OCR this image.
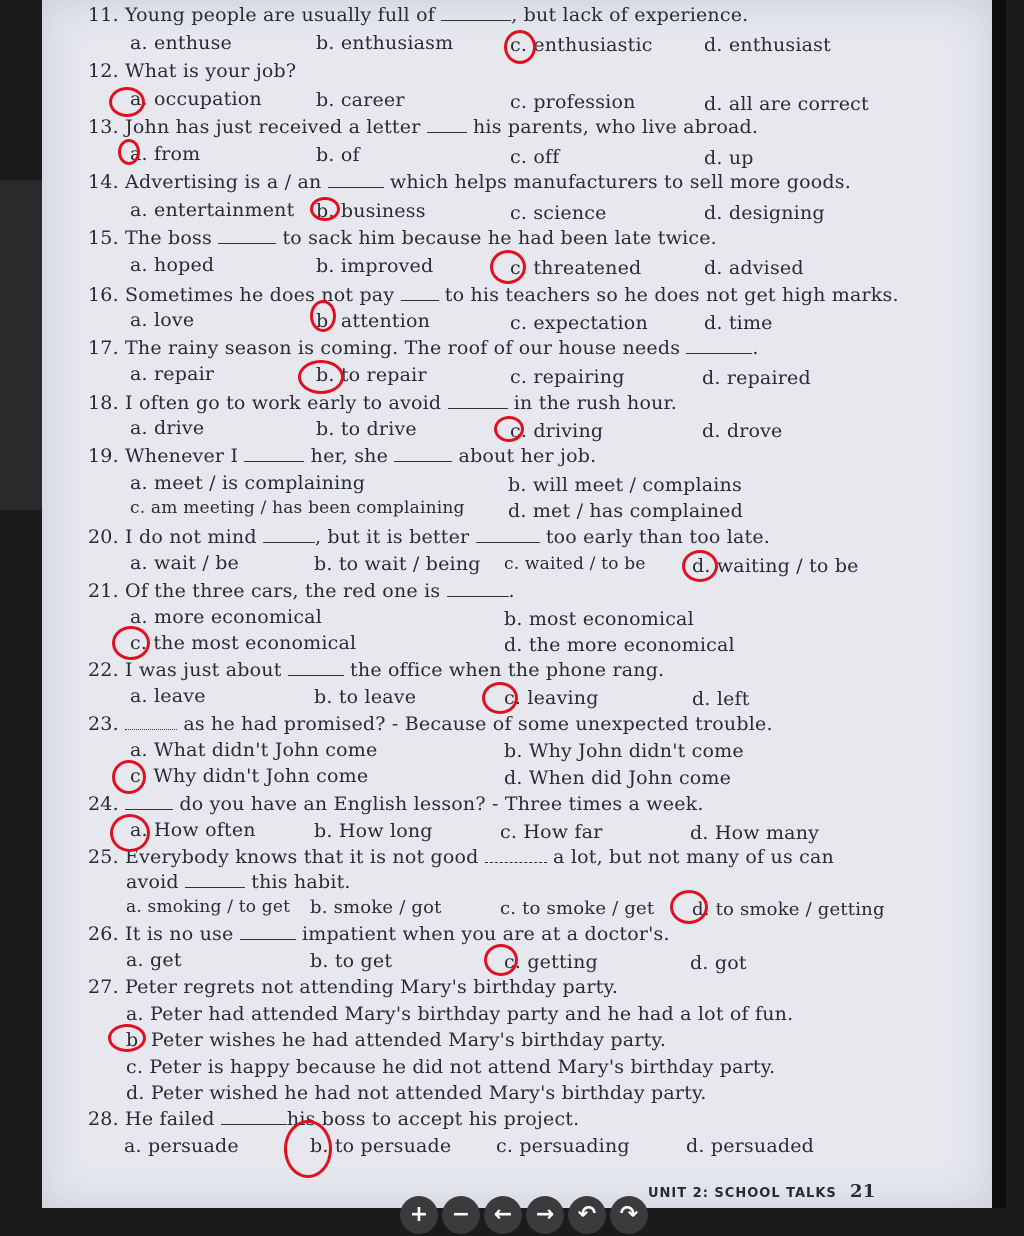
11. Young people are usually full of	, but lack of experience.
a. enthuse	b. enthusiasm	c. enthusiastic	d. enthusiast
12. What is your job?
a. occupation	b. career	c. profession	d. all are correct
13. John has just received a letter	his parents, who live abroad.
a. from	b. of	c. off	d. up
14. Advertising is a / an	which helps manufacturers to sell more goods.
a. entertainment b. business	c. science	d. designing
15. The boss	to sack him because he had been late twice.
a. hoped	b. improved	c. threatened	d. advised
16. Sometimes he does not pay	to his teachers so he does not get high marks.
a. love	b. attention	c. expectation	d. time
17. The rainy season is coming. The roof of our house needs	.
a. repair	b. to repair	c. repairing	d. repaired
18. I often go to work early to avoid	in the rush hour.
a. drive	b. to drive	c. driving	d. drove
19. Whenever I	her, she	about her job.
a. meet / is complaining	b. will meet / complains
c. am meeting / has been complaining d. met / has complained
20. I do not mind	, but it is better	too early than too late.
a. wait / be	b. to wait / being c. waited / to be d. waiting / to be
21. Of the three cars, the red one is	.
a. more economical	b. most economical
c. the most economical	d. the more economical
22. I was just about	the office when the phone rang.
a. leave	b. to leave	c. leaving	d. left
23.	as he had promised? - Because of some unexpected trouble.
a. What didn't John come	b. Why John didn't come
c. Why didn't John come	d. When did John come
24.	do you have an English lesson? - Three times a week.
a. How often	b. How long	c. How far	d. How many
25. Everybody knows that it is not good	a lot, but not many of us can
avoid	this habit.
a. smoking / to get b. smoke / got	c. to smoke / get d. to smoke / getting
26. It is no use	impatient when you are at a doctor's.
a. get	b. to get	c. getting	d. got
27. Peter regrets not attending Mary's birthday party.
a. Peter had attended Mary's birthday party and he had a lot of fun.
b. Peter wishes he had attended Mary's birthday party.
c. Peter is happy because he did not attend Mary's birthday party.
d. Peter wished he had not attended Mary's birthday party.
28. He failed	his boss to accept his project.
a. persuade	b. to persuade c. persuading	d. persuaded
UNIT 2: SCHOOL TALKS 21
+	−	←	→	↶	↷
